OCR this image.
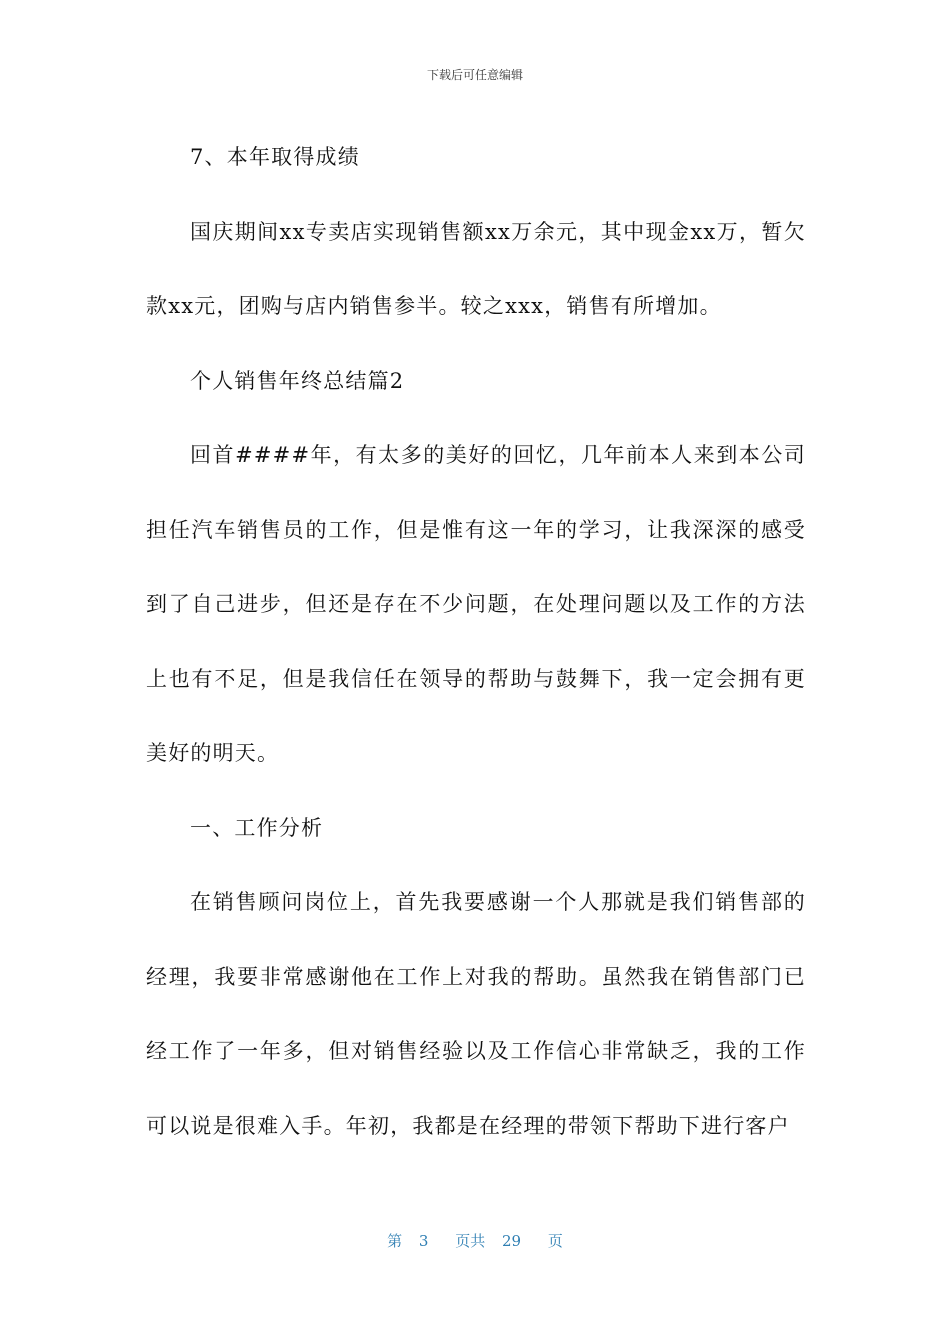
下载后可任意编辑

7、本年取得成绩

国庆期间xx专卖店实现销售额xx万余元，其中现金xx万，暂欠款xx元，团购与店内销售参半。较之xxx，销售有所增加。

个人销售年终总结篇2

回首####年，有太多的美好的回忆，几年前本人来到本公司担任汽车销售员的工作，但是惟有这一年的学习，让我深深的感受到了自己进步，但还是存在不少问题，在处理问题以及工作的方法上也有不足，但是我信任在领导的帮助与鼓舞下，我一定会拥有更美好的明天。

一、工作分析

在销售顾问岗位上，首先我要感谢一个人那就是我们销售部的经理，我要非常感谢他在工作上对我的帮助。虽然我在销售部门已经工作了一年多，但对销售经验以及工作信心非常缺乏，我的工作可以说是很难入手。年初，我都是在经理的带领下帮助下进行客户

第 3 页共 29 页
